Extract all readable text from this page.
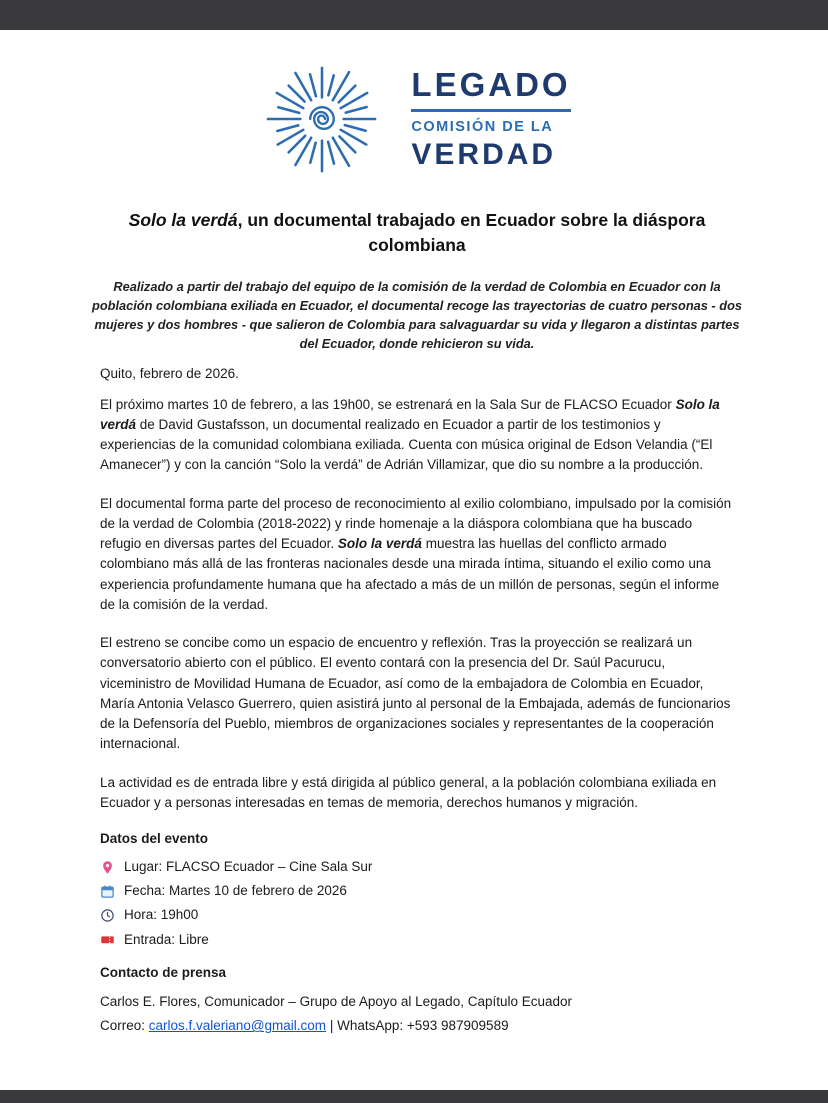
LEGADO
COMISIÓN DE LA
VERDAD
Solo la verdá, un documental trabajado en Ecuador sobre la diáspora colombiana

Realizado a partir del trabajo del equipo de la comisión de la verdad de Colombia en Ecuador con la población colombiana exiliada en Ecuador, el documental recoge las trayectorias de cuatro personas - dos mujeres y dos hombres - que salieron de Colombia para salvaguardar su vida y llegaron a distintas partes del Ecuador, donde rehicieron su vida.

Quito, febrero de 2026.

El próximo martes 10 de febrero, a las 19h00, se estrenará en la Sala Sur de FLACSO Ecuador Solo la verdá de David Gustafsson, un documental realizado en Ecuador a partir de los testimonios y experiencias de la comunidad colombiana exiliada. Cuenta con música original de Edson Velandia (“El Amanecer”) y con la canción “Solo la verdá” de Adrián Villamizar, que dio su nombre a la producción.

El documental forma parte del proceso de reconocimiento al exilio colombiano, impulsado por la comisión de la verdad de Colombia (2018-2022) y rinde homenaje a la diáspora colombiana que ha buscado refugio en diversas partes del Ecuador. Solo la verdá muestra las huellas del conflicto armado colombiano más allá de las fronteras nacionales desde una mirada íntima, situando el exilio como una experiencia profundamente humana que ha afectado a más de un millón de personas, según el informe de la comisión de la verdad.

El estreno se concibe como un espacio de encuentro y reflexión. Tras la proyección se realizará un conversatorio abierto con el público. El evento contará con la presencia del Dr. Saúl Pacurucu, viceministro de Movilidad Humana de Ecuador, así como de la embajadora de Colombia en Ecuador, María Antonia Velasco Guerrero, quien asistirá junto al personal de la Embajada, además de funcionarios de la Defensoría del Pueblo, miembros de organizaciones sociales y representantes de la cooperación internacional.

La actividad es de entrada libre y está dirigida al público general, a la población colombiana exiliada en Ecuador y a personas interesadas en temas de memoria, derechos humanos y migración.

Datos del evento
Lugar: FLACSO Ecuador – Cine Sala Sur
Fecha: Martes 10 de febrero de 2026
Hora: 19h00
Entrada: Libre
Contacto de prensa

Carlos E. Flores, Comunicador – Grupo de Apoyo al Legado, Capítulo Ecuador

Correo: carlos.f.valeriano@gmail.com | WhatsApp: +593 987909589
